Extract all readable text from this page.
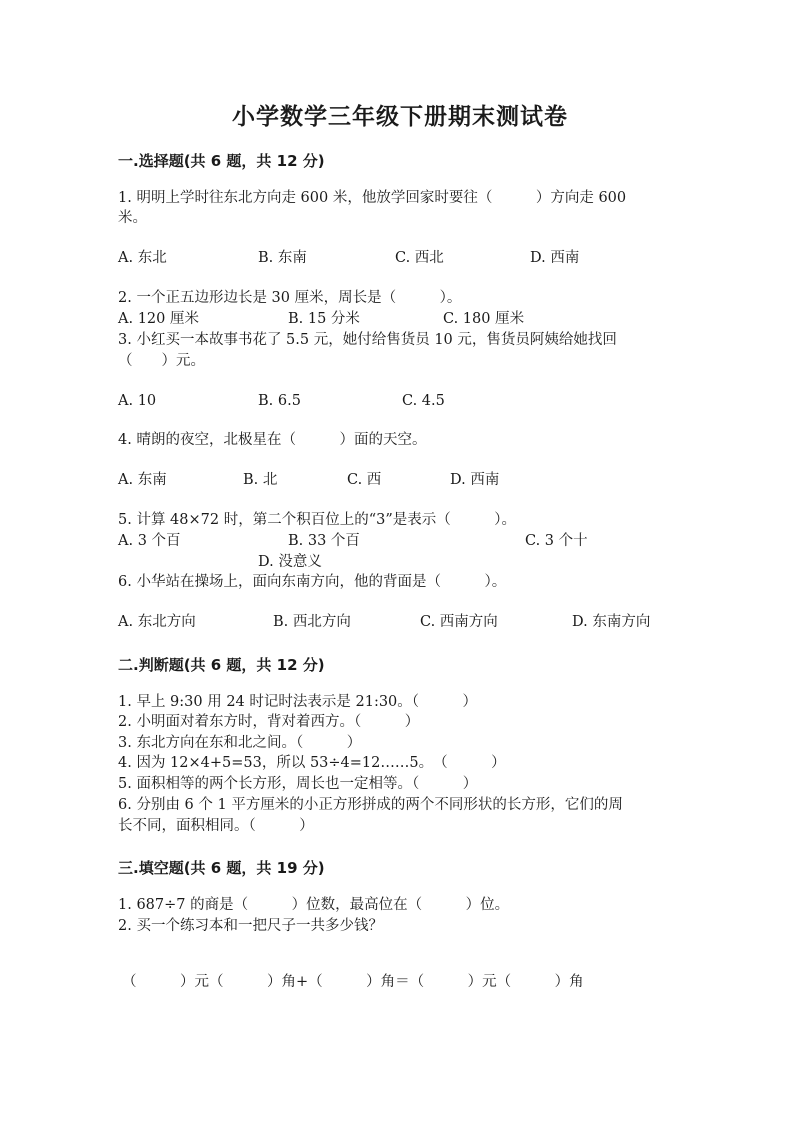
小学数学三年级下册期末测试卷
一.选择题(共 6 题，共 12 分)
1. 明明上学时往东北方向走 600 米，他放学回家时要往（　　　）方向走 600
米。
A. 东北	B. 东南	C. 西北	D. 西南
2. 一个正五边形边长是 30 厘米，周长是（　　　）。
A. 120 厘米	B. 15 分米	C. 180 厘米
3. 小红买一本故事书花了 5.5 元，她付给售货员 10 元，售货员阿姨给她找回
（　　）元。
A. 10	B. 6.5	C. 4.5
4. 晴朗的夜空，北极星在（　　　）面的天空。
A. 东南	B. 北	C. 西	D. 西南
5. 计算 48×72 时，第二个积百位上的“3”是表示（　　　）。
A. 3 个百	B. 33 个百	C. 3 个十
D. 没意义
6. 小华站在操场上，面向东南方向，他的背面是（　　　）。
A. 东北方向	B. 西北方向	C. 西南方向	D. 东南方向
二.判断题(共 6 题，共 12 分)
1. 早上 9:30 用 24 时记时法表示是 21:30。（　　　）
2. 小明面对着东方时，背对着西方。（　　　）
3. 东北方向在东和北之间。（　　　）
4. 因为 12×4+5=53，所以 53÷4=12……5。　（　　　）
5. 面积相等的两个长方形，周长也一定相等。（　　　）
6. 分别由 6 个 1 平方厘米的小正方形拼成的两个不同形状的长方形，它们的周
长不同，面积相同。（　　　）
三.填空题(共 6 题，共 19 分)
1. 687÷7 的商是（　　　）位数，最高位在（　　　）位。
2. 买一个练习本和一把尺子一共多少钱？
（　　　）元（　　　）角+（　　　）角＝（　　　）元（　　　）角
